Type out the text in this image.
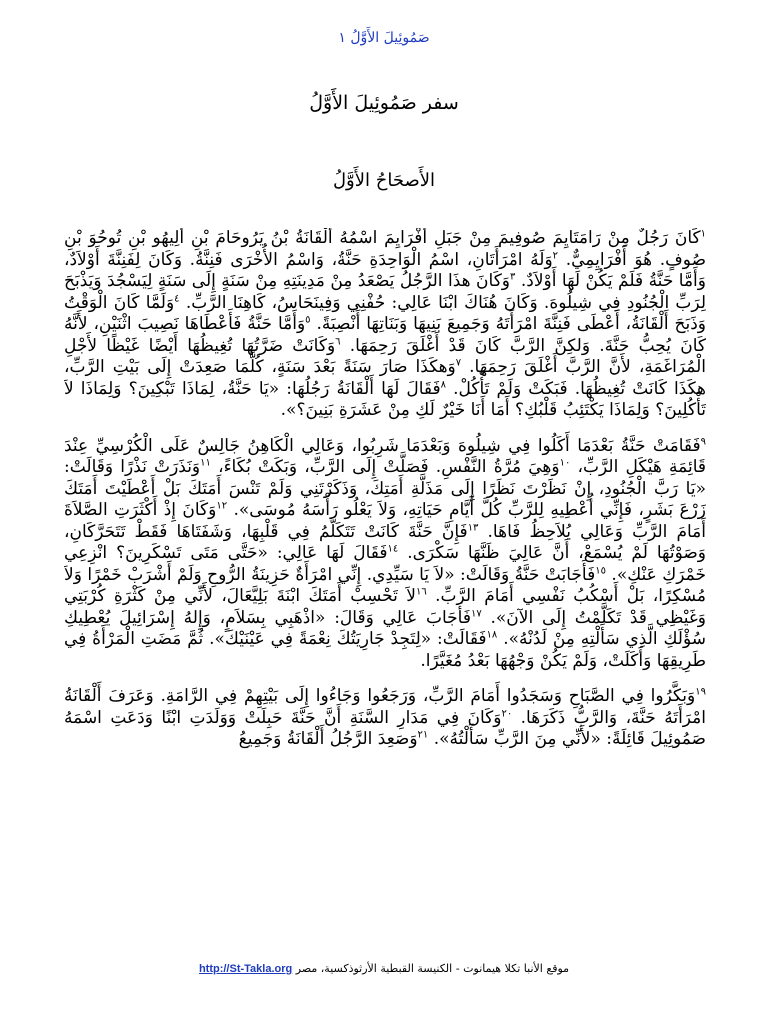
صَمُوئِيلَ الأَوَّلُ ١
سفر صَمُوئِيلَ الأَوَّلُ
الأَصحَاحُ الأَوَّلُ

$^١$كَانَ رَجُلٌ مِنْ رَامَتَايِمَ صُوفِيمَ مِنْ جَبَلِ أَفْرَايِمَ اسْمُهُ أَلْقَانَةُ بْنُ يَرُوحَامَ بْنِ أَلِيهُو بْنِ تُوحُوَ بْنِ صُوفٍ. هُوَ أَفْرَايِمِيٌّ. $^٢$وَلَهُ امْرَأَتَانِ، اسْمُ الْوَاحِدَةِ حَنَّةُ، وَاسْمُ الأُخْرَى فَنِنَّةُ. وَكَانَ لِفَنِنَّةَ أَوْلاَدٌ، وَأَمَّا حَنَّةُ فَلَمْ يَكُنْ لَهَا أَوْلاَدٌ. $^٣$وَكَانَ هذَا الرَّجُلُ يَصْعَدُ مِنْ مَدِينَتِهِ مِنْ سَنَةٍ إِلَى سَنَةٍ لِيَسْجُدَ وَيَذْبَحَ لِرَبِّ الْجُنُودِ فِي شِيلُوهَ. وَكَانَ هُنَاكَ ابْنَا عَالِي: حُفْنِي وَفِينَحَاسُ، كَاهِنَا الرَّبِّ. $^٤$وَلَمَّا كَانَ الْوَقْتُ وَذَبَحَ أَلْقَانَةُ، أَعْطَى فَنِنَّةَ امْرَأَتَهُ وَجَمِيعَ بَنِيهَا وَبَنَاتِهَا أَنْصِبَةً. $^٥$وَأَمَّا حَنَّةُ فَأَعْطَاهَا نَصِيبَ اثْنَيْنِ، لأَنَّهُ كَانَ يُحِبُّ حَنَّةَ. وَلكِنَّ الرَّبَّ كَانَ قَدْ أَغْلَقَ رَحِمَهَا. $^٦$وَكَانَتْ ضَرَّتُهَا تُغِيظُهَا أَيْضًا غَيْظًا لأَجْلِ الْمُرَاغَمَةِ، لأَنَّ الرَّبَّ أَغْلَقَ رَحِمَهَا. $^٧$وَهكَذَا صَارَ سَنَةً بَعْدَ سَنَةٍ، كُلَّمَا صَعِدَتْ إِلَى بَيْتِ الرَّبِّ، هكَذَا كَانَتْ تُغِيظُهَا. فَبَكَتْ وَلَمْ تَأْكُلْ. $^٨$فَقَالَ لَهَا أَلْقَانَةُ رَجُلُهَا: «يَا حَنَّةُ، لِمَاذَا تَبْكِينَ؟ وَلِمَاذَا لاَ تَأْكُلِينَ؟ وَلِمَاذَا يَكْتَئِبُ قَلْبُكِ؟ أَمَا أَنَا خَيْرٌ لَكِ مِنْ عَشَرَةِ بَنِينَ؟».

$^٩$فَقَامَتْ حَنَّةُ بَعْدَمَا أَكَلُوا فِي شِيلُوهَ وَبَعْدَمَا شَرِبُوا، وَعَالِي الْكَاهِنُ جَالِسٌ عَلَى الْكُرْسِيِّ عِنْدَ قَائِمَةِ هَيْكَلِ الرَّبِّ، $^{١٠}$وَهِيَ مُرَّةُ النَّفْسِ. فَصَلَّتْ إِلَى الرَّبِّ، وَبَكَتْ بُكَاءً، $^{١١}$وَنَذَرَتْ نَذْرًا وَقَالَتْ: «يَا رَبَّ الْجُنُودِ، إِنْ نَظَرْتَ نَظَرًا إِلَى مَذَلَّةِ أَمَتِكَ، وَذَكَرْتَنِي وَلَمْ تَنْسَ أَمَتَكَ بَلْ أَعْطَيْتَ أَمَتَكَ زَرْعَ بَشَرٍ، فَإِنِّي أُعْطِيهِ لِلرَّبِّ كُلَّ أَيَّامِ حَيَاتِهِ، وَلاَ يَعْلُو رَأْسَهُ مُوسَى». $^{١٢}$وَكَانَ إِذْ أَكْثَرَتِ الصَّلاَةَ أَمَامَ الرَّبِّ وَعَالِي يُلاَحِظُ فَاهَا. $^{١٣}$فَإِنَّ حَنَّةَ كَانَتْ تَتَكَلَّمُ فِي قَلْبِهَا، وَشَفَتَاهَا فَقَطْ تَتَحَرَّكَانِ، وَصَوْتُهَا لَمْ يُسْمَعْ، أَنَّ عَالِيَ ظَنَّهَا سَكْرَى. $^{١٤}$فَقَالَ لَهَا عَالِي: «حَتَّى مَتَى تَسْكَرِينَ؟ انْزِعِي خَمْرَكِ عَنْكِ». $^{١٥}$فَأَجَابَتْ حَنَّةُ وَقَالَتْ: «لاَ يَا سَيِّدِي. إِنِّي امْرَأَةٌ حَزِينَةُ الرُّوحِ وَلَمْ أَشْرَبْ خَمْرًا وَلاَ مُسْكِرًا، بَلْ أَسْكُبُ نَفْسِي أَمَامَ الرَّبِّ. $^{١٦}$لاَ تَحْسِبْ أَمَتَكَ ابْنَةَ بَلِيَّعَالَ، لأَنِّي مِنْ كَثْرَةِ كُرْبَتِي وَغَيْظِي قَدْ تَكَلَّمْتُ إِلَى الآنَ». $^{١٧}$فَأَجَابَ عَالِي وَقَالَ: «اذْهَبِي بِسَلاَمٍ، وَإِلهُ إِسْرَائِيلَ يُعْطِيكِ سُؤْلَكِ الَّذِي سَأَلْتِهِ مِنْ لَدُنْهُ». $^{١٨}$فَقَالَتْ: «لِتَجِدْ جَارِيَتُكَ نِعْمَةً فِي عَيْنَيْكَ». ثُمَّ مَضَتِ الْمَرْأَةُ فِي طَرِيقِهَا وَأَكَلَتْ، وَلَمْ يَكُنْ وَجْهُهَا بَعْدُ مُغَيَّرًا.

$^{١٩}$وَبَكَّرُوا فِي الصَّبَاحِ وَسَجَدُوا أَمَامَ الرَّبِّ، وَرَجَعُوا وَجَاءُوا إِلَى بَيْتِهِمْ فِي الرَّامَةِ. وَعَرَفَ أَلْقَانَةُ امْرَأَتَهُ حَنَّةَ، وَالرَّبُّ ذَكَرَهَا. $^{٢٠}$وَكَانَ فِي مَدَارِ السَّنَةِ أَنَّ حَنَّةَ حَبِلَتْ وَوَلَدَتِ ابْنًا وَدَعَتِ اسْمَهُ صَمُوئِيلَ قَائِلَةً: «لأَنِّي مِنَ الرَّبِّ سَأَلْتُهُ». $^{٢١}$وَصَعِدَ الرَّجُلُ أَلْقَانَةُ وَجَمِيعُ

موقع الأنبا تكلا هيمانوت - الكنيسة القبطية الأرثوذكسية، مصر http://St-Takla.org
